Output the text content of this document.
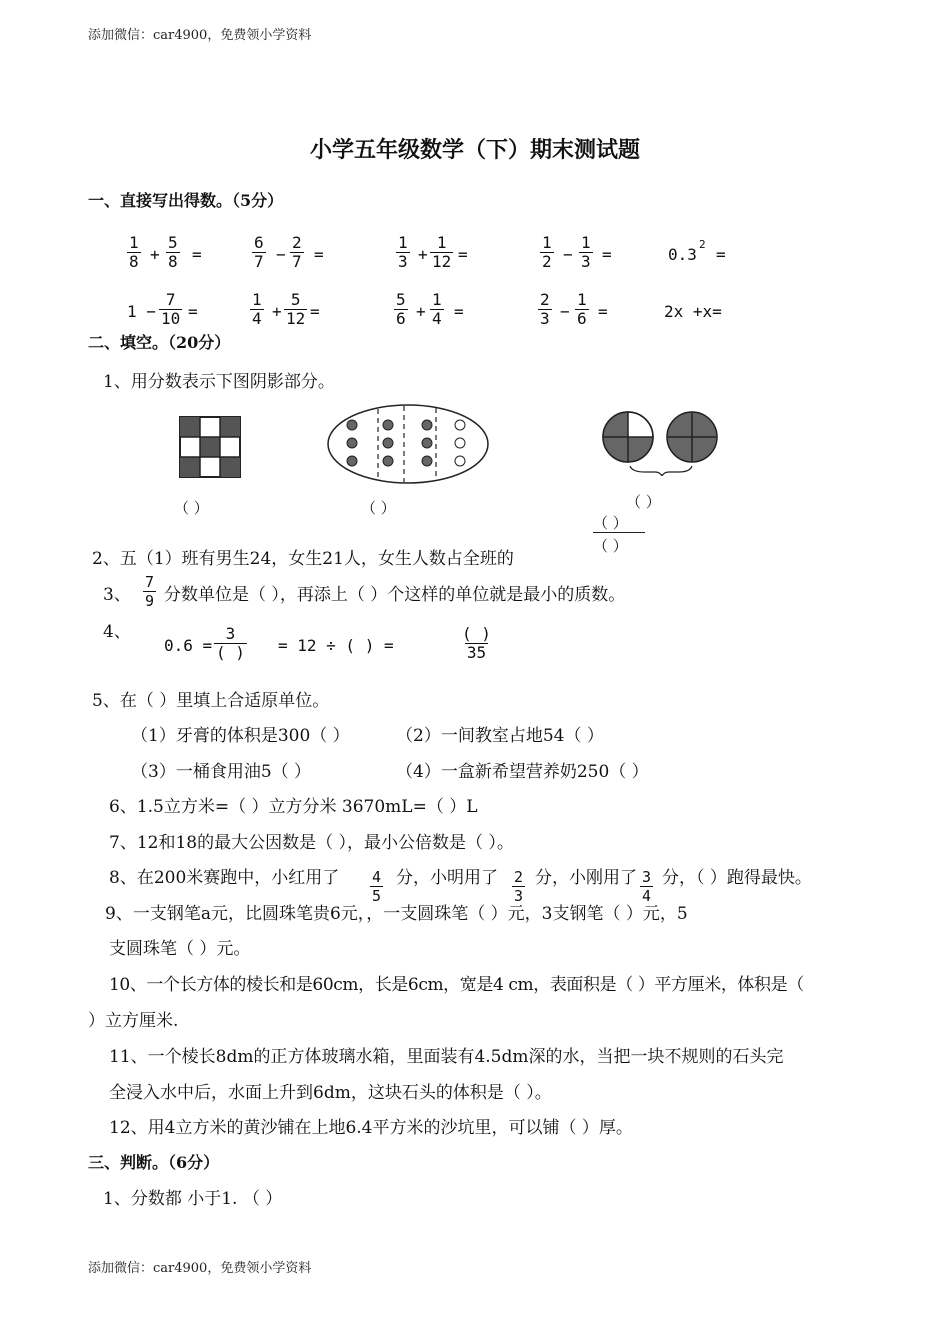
添加微信：car4900，免费领小学资料
添加微信：car4900，免费领小学资料
小学五年级数学（下）期末测试题
一、直接写出得数。（5分）
$\frac{1}{8} + \frac{5}{8}$ =	$\frac{6}{7} - \frac{2}{7}$ =	$\frac{1}{3} + \frac{1}{12}$ =	$\frac{1}{2} - \frac{1}{3}$ =	0.3
2
=
$1 - \frac{7}{10}$ =	$\frac{1}{4} + \frac{5}{12}$ =	$\frac{5}{6} + \frac{1}{4}$ =	$\frac{2}{3} - \frac{1}{6}$ =	2x +x=
二、填空。（20分）
1、用分数表示下图阴影部分。
（ ）	（ ）	（ ）
（ ）
（ ）
2、五（1）班有男生24，女生21人，女生人数占全班的
3、 $\frac{7}{9}$ 分数单位是（ ），再添上（ ）个这样的单位就是最小的质数。
4、
0.6 =
3
( ) = 12 ÷ ( ) =
( )
35
5、在（ ）里填上合适原单位。
（1）牙膏的体积是300（ ）	（2）一间教室占地54（ ）
（3）一桶食用油5（ ）	（4）一盒新希望营养奶250（ ）
6、1.5立方米=（ ）立方分米 3670mL=（ ）L
7、12和18的最大公因数是（ ），最小公倍数是（ ）。
8、在200米赛跑中，小红用了 $\frac{4}{5}$ 分，小明用了 $\frac{2}{3}$ 分，小刚用了 $\frac{3}{4}$ 分，（ ）跑得最快。
9、一支钢笔a元，比圆珠笔贵6元，，一支圆珠笔（ ）元，3支钢笔（ ）元，5
支圆珠笔（ ）元。
10、一个长方体的棱长和是60cm，长是6cm，宽是4 cm，表面积是（ ）平方厘米，体积是（
）立方厘米.
11、一个棱长8dm的正方体玻璃水箱，里面装有4.5dm深的水，当把一块不规则的石头完
全浸入水中后，水面上升到6dm，这块石头的体积是（ ）。
12、用4立方米的黄沙铺在上地6.4平方米的沙坑里，可以铺（ ）厚。
三、判断。（6分）
1、分数都 小于1. （ ）
